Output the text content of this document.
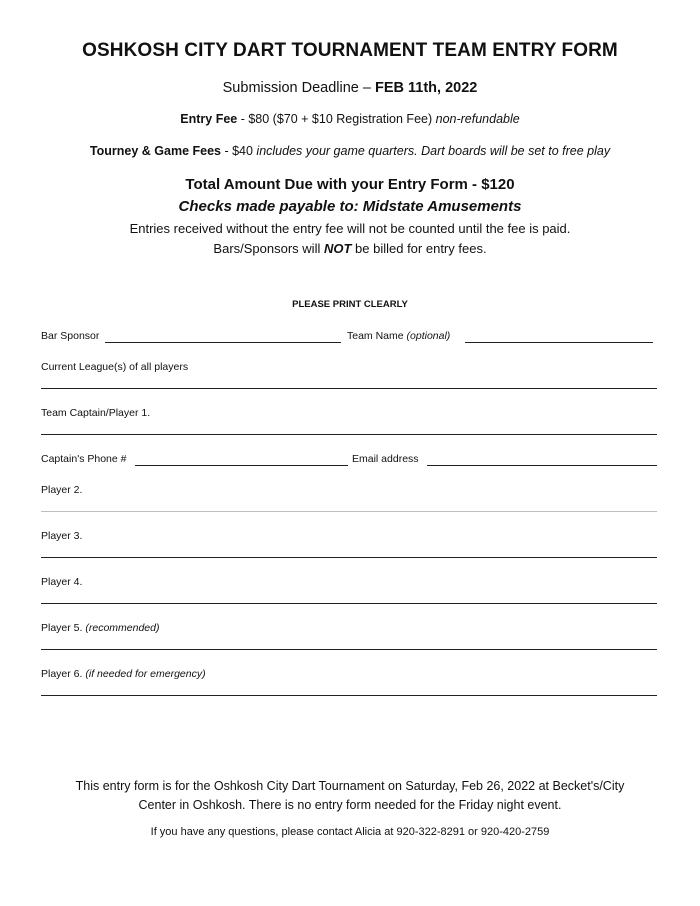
OSHKOSH CITY DART TOURNAMENT TEAM ENTRY FORM
Submission Deadline – FEB 11th, 2022
Entry Fee - $80 ($70 + $10 Registration Fee) non-refundable
Tourney & Game Fees - $40 includes your game quarters. Dart boards will be set to free play
Total Amount Due with your Entry Form - $120
Checks made payable to: Midstate Amusements
Entries received without the entry fee will not be counted until the fee is paid.
Bars/Sponsors will NOT be billed for entry fees.
PLEASE PRINT CLEARLY
Bar Sponsor	Team Name (optional)
Current League(s) of all players
Team Captain/Player 1.
Captain's Phone #	Email address
Player 2.
Player 3.
Player 4.
Player 5. (recommended)
Player 6. (if needed for emergency)
This entry form is for the Oshkosh City Dart Tournament on Saturday, Feb 26, 2022 at Becket's/City
Center in Oshkosh. There is no entry form needed for the Friday night event.
If you have any questions, please contact Alicia at 920-322-8291 or 920-420-2759
